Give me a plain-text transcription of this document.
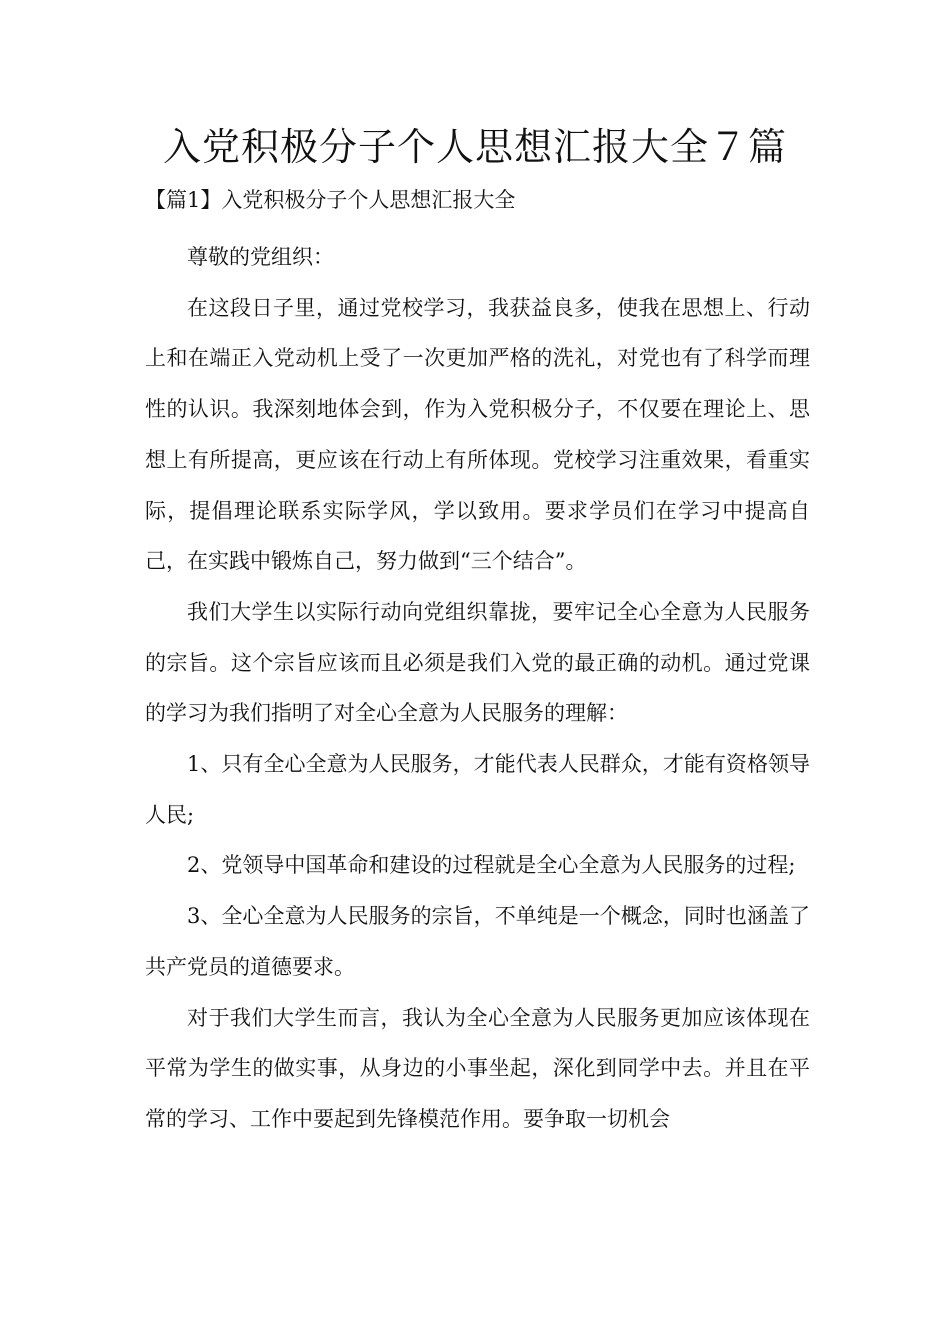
入党积极分子个人思想汇报大全７篇
【篇1】入党积极分子个人思想汇报大全

尊敬的党组织：

在这段日子里，通过党校学习，我获益良多，使我在思想上、行动上和在端正入党动机上受了一次更加严格的洗礼，对党也有了科学而理性的认识。我深刻地体会到，作为入党积极分子，不仅要在理论上、思想上有所提高，更应该在行动上有所体现。党校学习注重效果，看重实际，提倡理论联系实际学风，学以致用。要求学员们在学习中提高自己，在实践中锻炼自己，努力做到“三个结合”。

我们大学生以实际行动向党组织靠拢，要牢记全心全意为人民服务的宗旨。这个宗旨应该而且必须是我们入党的最正确的动机。通过党课的学习为我们指明了对全心全意为人民服务的理解：

1、只有全心全意为人民服务，才能代表人民群众，才能有资格领导人民;

2、党领导中国革命和建设的过程就是全心全意为人民服务的过程;

3、全心全意为人民服务的宗旨，不单纯是一个概念，同时也涵盖了共产党员的道德要求。

对于我们大学生而言，我认为全心全意为人民服务更加应该体现在平常为学生的做实事，从身边的小事坐起，深化到同学中去。并且在平常的学习、工作中要起到先锋模范作用。要争取一切机会
